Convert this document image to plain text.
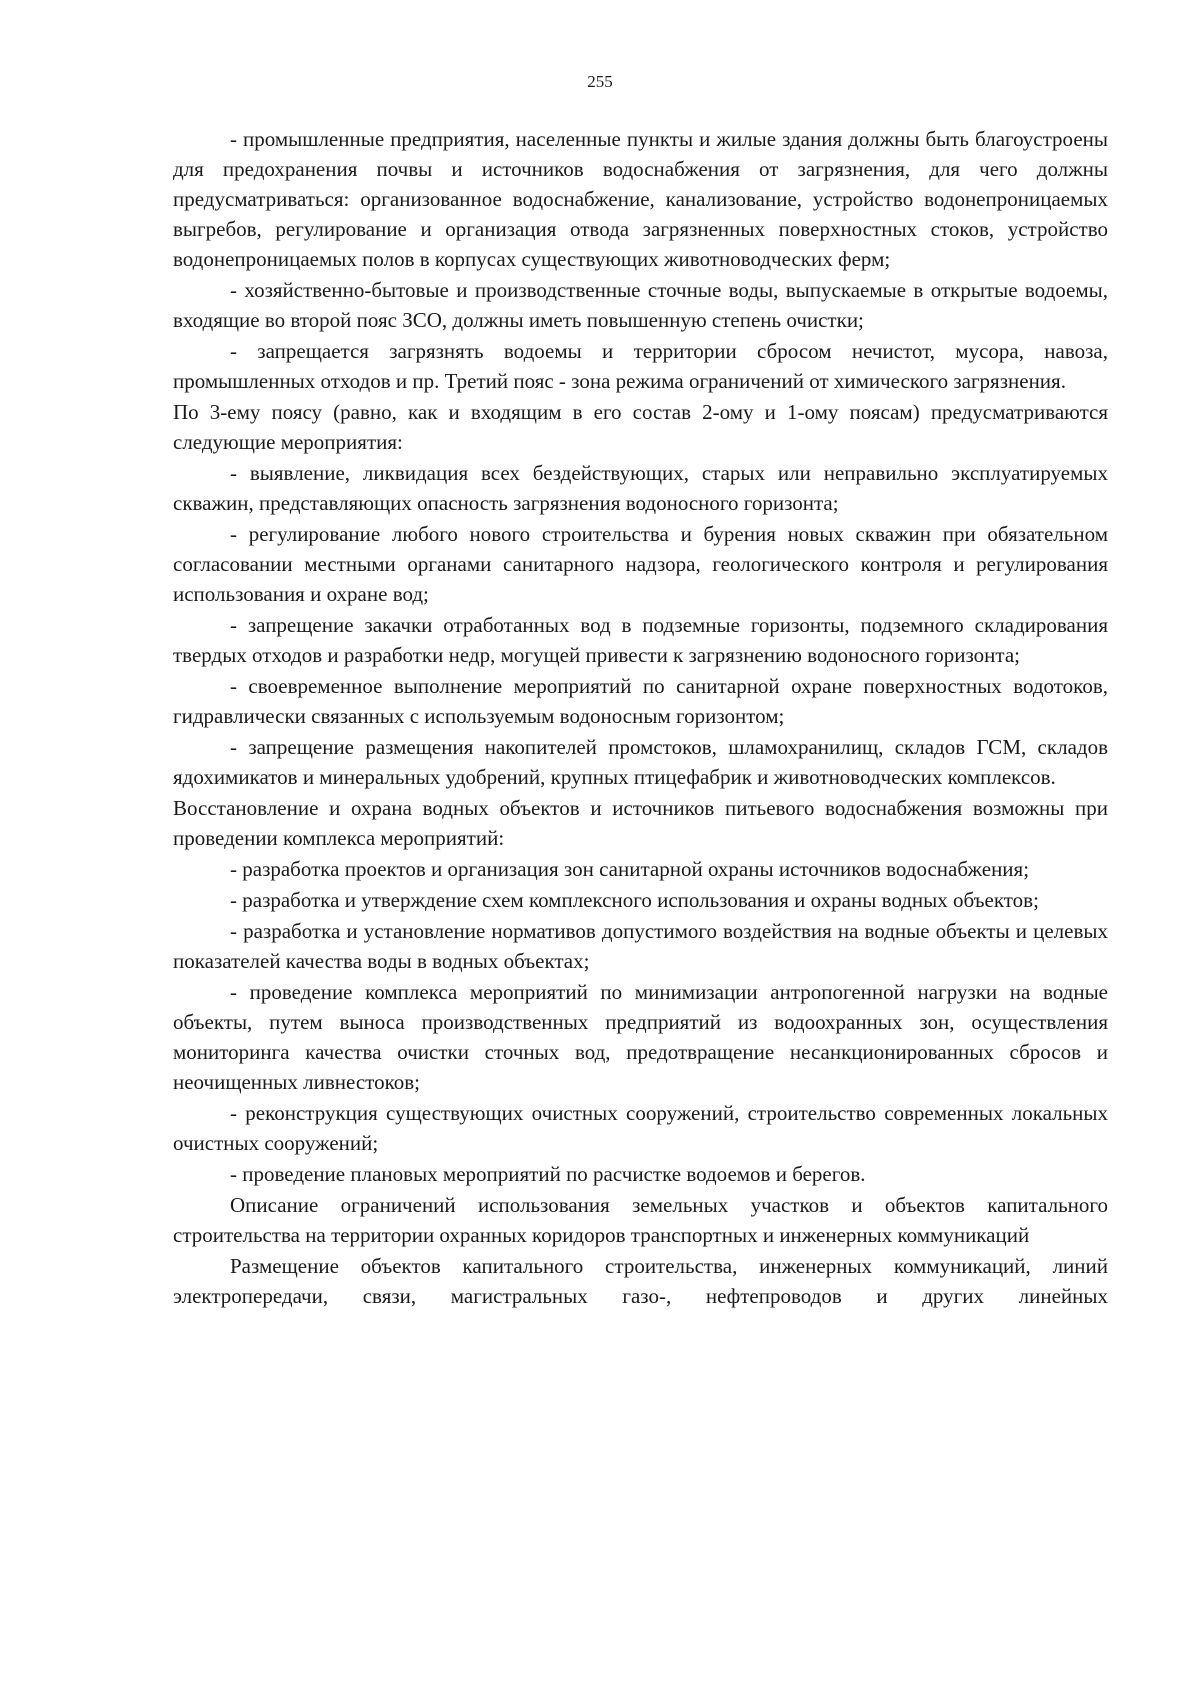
255

- промышленные предприятия, населенные пункты и жилые здания должны быть благоустроены для предохранения почвы и источников водоснабжения от загрязнения, для чего должны предусматриваться: организованное водоснабжение, канализование, устройство водонепроницаемых выгребов, регулирование и организация отвода загрязненных поверхностных стоков, устройство водонепроницаемых полов в корпусах существующих животноводческих ферм;

- хозяйственно-бытовые и производственные сточные воды, выпускаемые в открытые водоемы, входящие во второй пояс ЗСО, должны иметь повышенную степень очистки;

- запрещается загрязнять водоемы и территории сбросом нечистот, мусора, навоза, промышленных отходов и пр. Третий пояс - зона режима ограничений от химического загрязнения.

По 3-ему поясу (равно, как и входящим в его состав 2-ому и 1-ому поясам) предусматриваются следующие мероприятия:

- выявление, ликвидация всех бездействующих, старых или неправильно эксплуатируемых скважин, представляющих опасность загрязнения водоносного горизонта;

- регулирование любого нового строительства и бурения новых скважин при обязательном согласовании местными органами санитарного надзора, геологического контроля и регулирования использования и охране вод;

- запрещение закачки отработанных вод в подземные горизонты, подземного складирования твердых отходов и разработки недр, могущей привести к загрязнению водоносного горизонта;

- своевременное выполнение мероприятий по санитарной охране поверхностных водотоков, гидравлически связанных с используемым водоносным горизонтом;

- запрещение размещения накопителей промстоков, шламохранилищ, складов ГСМ, складов ядохимикатов и минеральных удобрений, крупных птицефабрик и животноводческих комплексов.

Восстановление и охрана водных объектов и источников питьевого водоснабжения возможны при проведении комплекса мероприятий:

- разработка проектов и организация зон санитарной охраны источников водоснабжения;

- разработка и утверждение схем комплексного использования и охраны водных объектов;

- разработка и установление нормативов допустимого воздействия на водные объекты и целевых показателей качества воды в водных объектах;

- проведение комплекса мероприятий по минимизации антропогенной нагрузки на водные объекты, путем выноса производственных предприятий из водоохранных зон, осуществления мониторинга качества очистки сточных вод, предотвращение несанкционированных сбросов и неочищенных ливнестоков;

- реконструкция существующих очистных сооружений, строительство современных локальных очистных сооружений;

- проведение плановых мероприятий по расчистке водоемов и берегов.

Описание ограничений использования земельных участков и объектов капитального строительства на территории охранных коридоров транспортных и инженерных коммуникаций

Размещение объектов капитального строительства, инженерных коммуникаций, линий электропередачи, связи, магистральных газо-, нефтепроводов и других линейных
